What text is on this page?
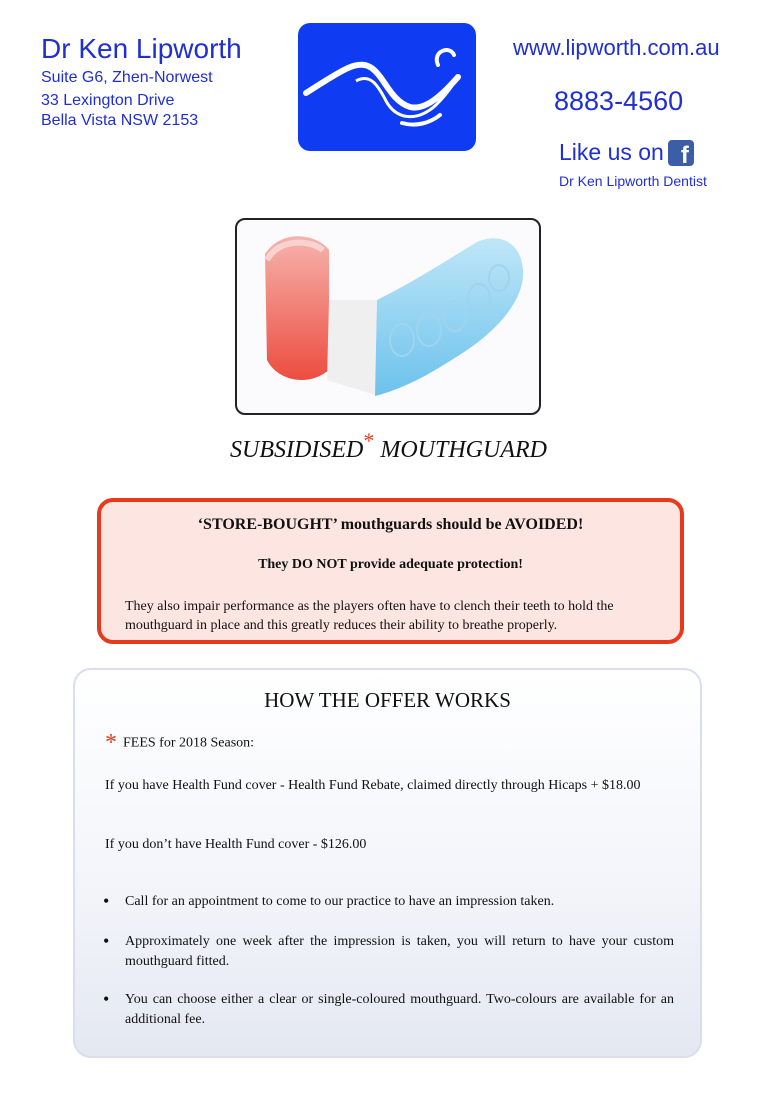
Dr Ken Lipworth
Suite G6, Zhen-Norwest
33 Lexington Drive
Bella Vista NSW 2153
www.lipworth.com.au
8883-4560
Like us on f
Dr Ken Lipworth Dentist
SUBSIDISED* MOUTHGUARD
‘STORE-BOUGHT’ mouthguards should be AVOIDED!
They DO NOT provide adequate protection!
They also impair performance as the players often have to clench their teeth to hold the mouthguard in place and this greatly reduces their ability to breathe properly.
HOW THE OFFER WORKS
* FEES for 2018 Season:
If you have Health Fund cover - Health Fund Rebate, claimed directly through Hicaps + $18.00
If you don’t have Health Fund cover - $126.00
•	Call for an appointment to come to our practice to have an impression taken.
•	Approximately one week after the impression is taken, you will return to have your custom mouthguard fitted.
•	You can choose either a clear or single-coloured mouthguard. Two-colours are available for an additional fee.
